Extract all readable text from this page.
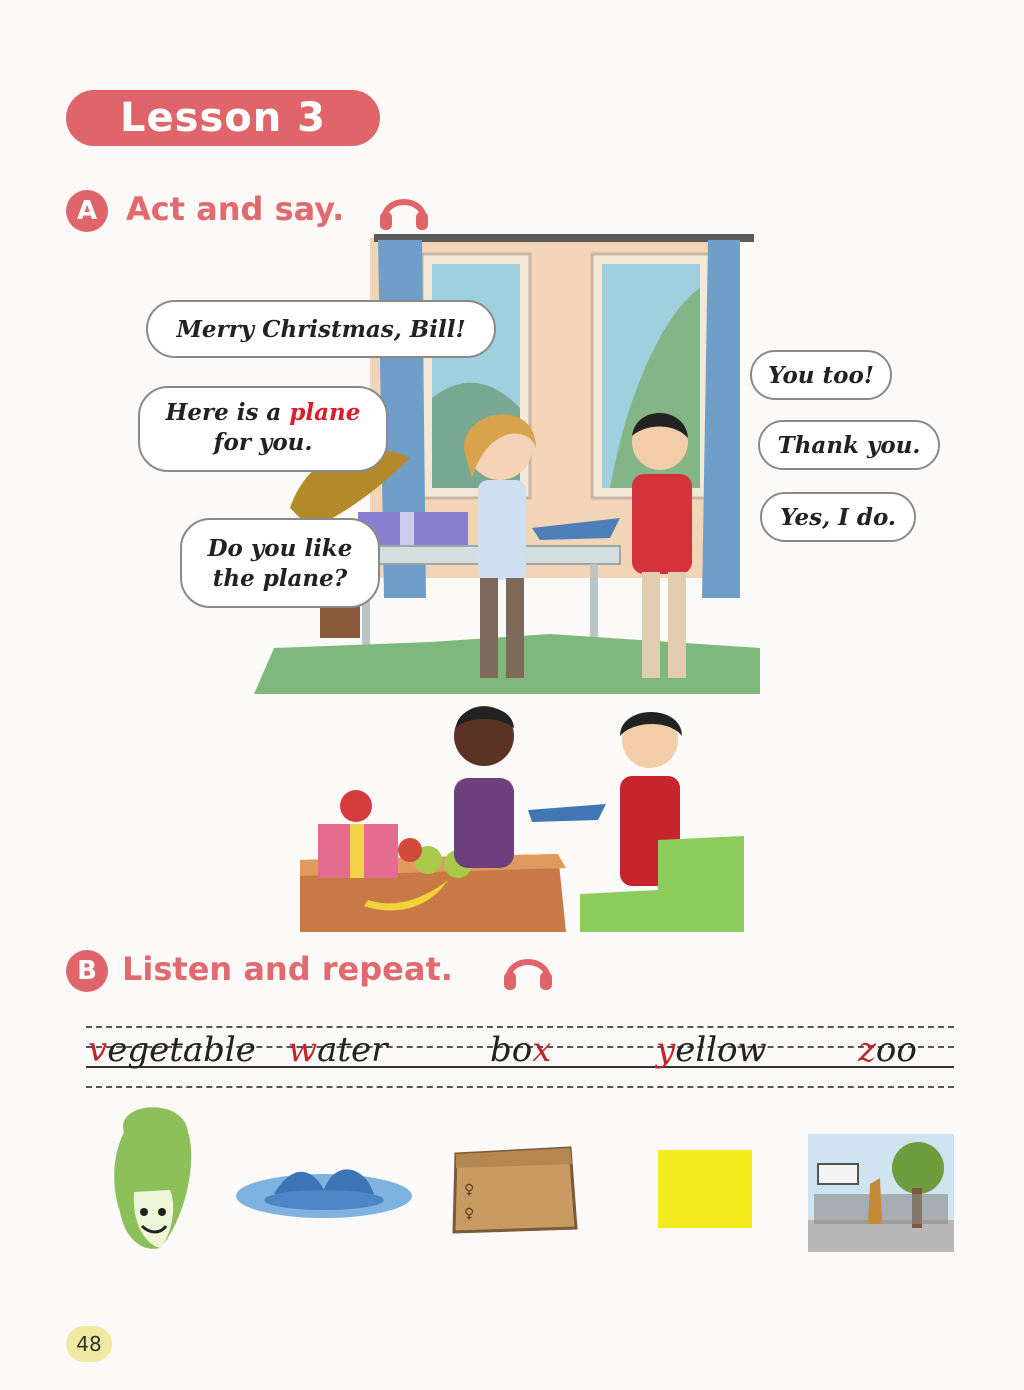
Lesson 3
A Act and say.
Merry Christmas, Bill!
Here is a plane
for you.
Do you like
the plane?
You too!
Thank you.
Yes, I do.
B Listen and repeat.
vegetable water	box	yellow	zoo
♀
♀
48
